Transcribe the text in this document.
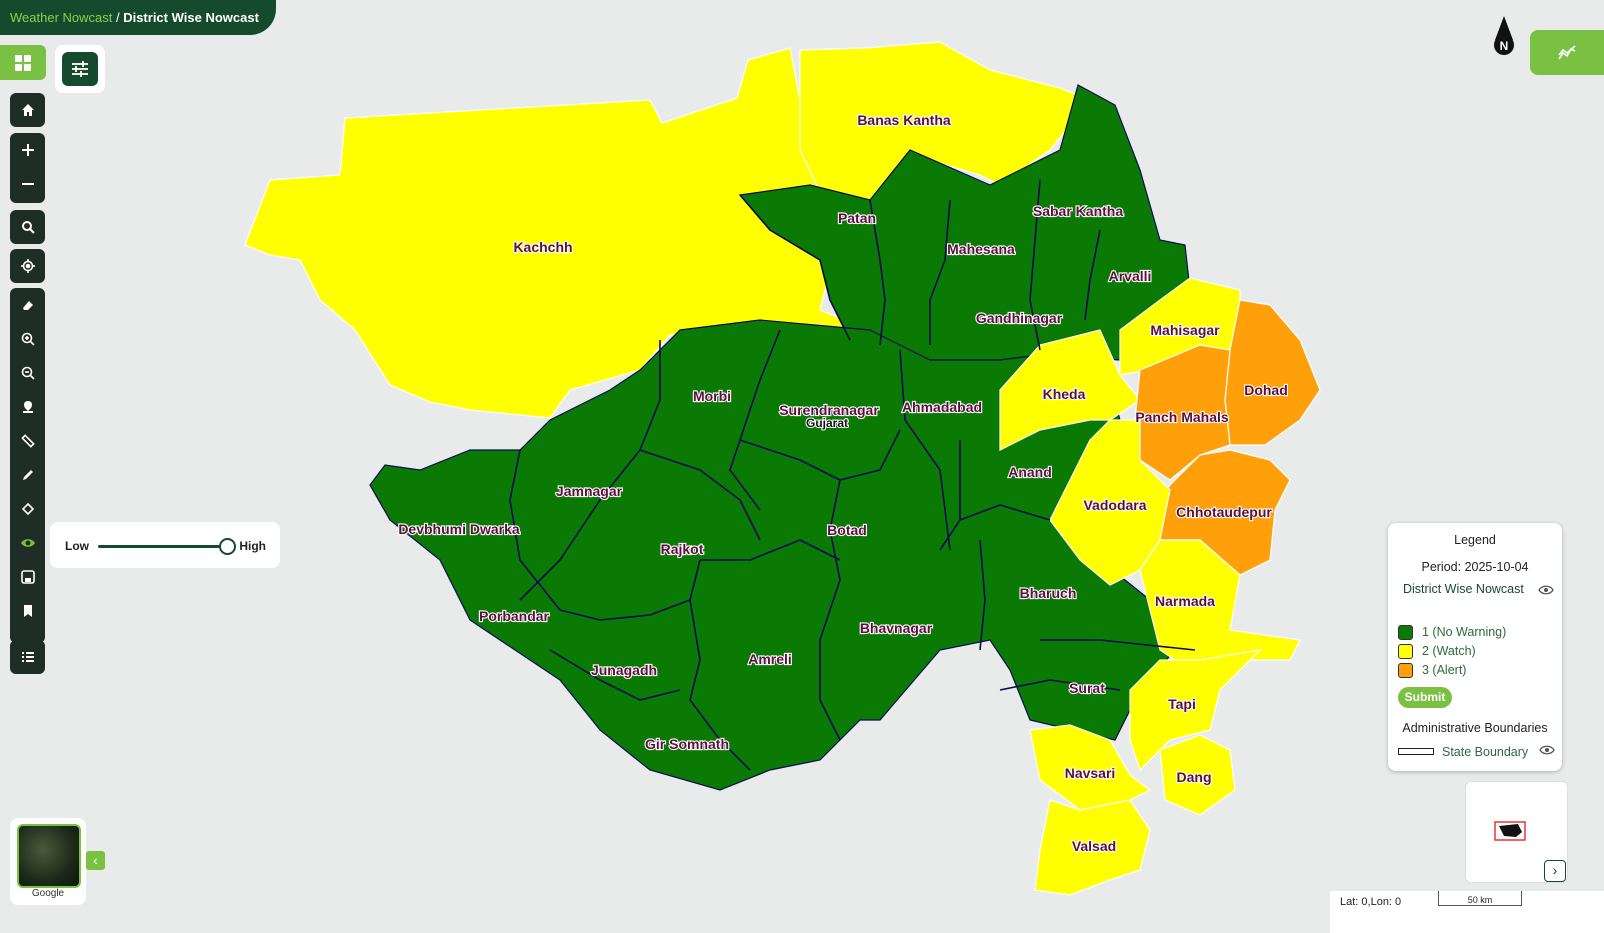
Kachchh
Banas Kantha
Patan
Mahesana
Sabar Kantha
Arvalli
Gandhinagar
Mahisagar
Dohad
Panch Mahals
Kheda
Morbi
Surendranagar Ahmadabad
Anand
Vadodara Chhotaudepur
Jamnagar
Devbhumi Dwarka
Rajkot
Botad
Bharuch	Narmada
Porbandar
Bhavnagar
Amreli
Junagadh
Surat
Tapi
Gir Somnath
Navsari	Dang
Valsad
Gujarat
Weather Nowcast / District Wise Nowcast
Low	High
N
Legend
Period: 2025-10-04
District Wise Nowcast
1 (No Warning)
2 (Watch)
3 (Alert)
Submit
Administrative Boundaries
State Boundary
›
Lat: 0,Lon: 0	50 km
Google
‹
